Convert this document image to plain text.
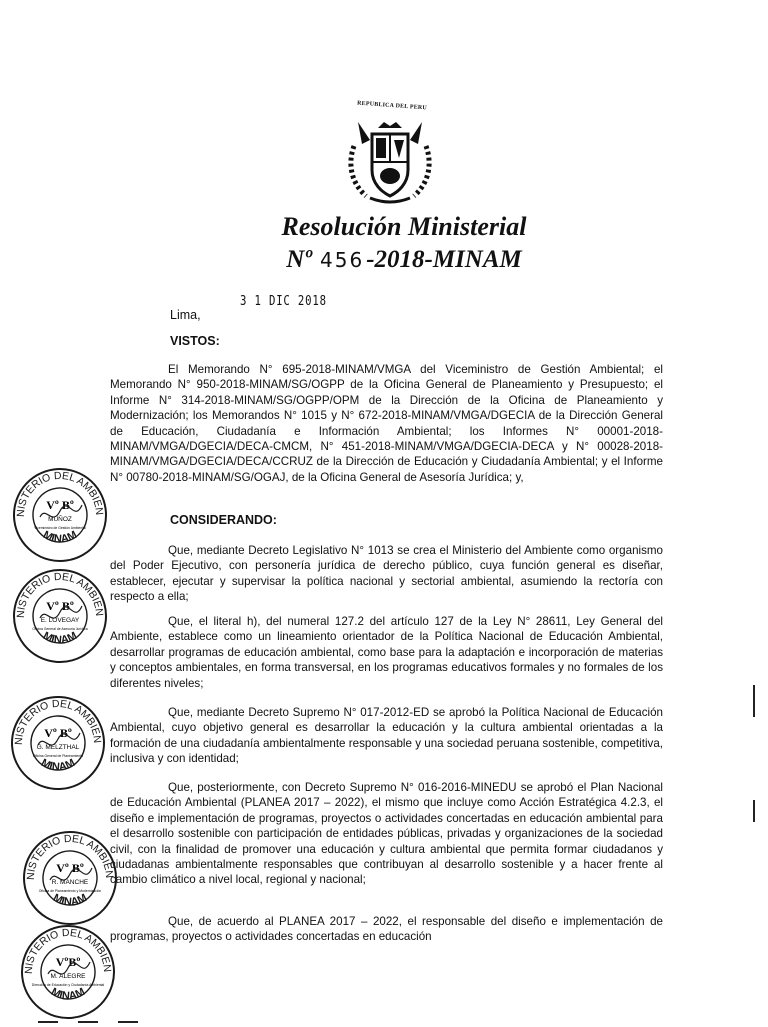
REPUBLICA DEL PERU
Resolución Ministerial
Nº 456-2018-MINAM
Lima,
3 1 DIC 2018
VISTOS:
El Memorando N° 695-2018-MINAM/VMGA del Viceministro de Gestión Ambiental; el Memorando N° 950-2018-MINAM/SG/OGPP de la Oficina General de Planeamiento y Presupuesto; el Informe N° 314-2018-MINAM/SG/OGPP/OPM de la Dirección de la Oficina de Planeamiento y Modernización; los Memorandos N° 1015 y N° 672-2018-MINAM/VMGA/DGECIA de la Dirección General de Educación, Ciudadanía e Información Ambiental; los Informes N° 00001-2018-MINAM/VMGA/DGECIA/DECA-CMCM, N° 451-2018-MINAM/VMGA/DGECIA-DECA y N° 00028-2018-MINAM/VMGA/DGECIA/DECA/CCRUZ de la Dirección de Educación y Ciudadanía Ambiental; y el Informe N° 00780-2018-MINAM/SG/OGAJ, de la Oficina General de Asesoría Jurídica; y,
CONSIDERANDO:
Que, mediante Decreto Legislativo N° 1013 se crea el Ministerio del Ambiente como organismo del Poder Ejecutivo, con personería jurídica de derecho público, cuya función general es diseñar, establecer, ejecutar y supervisar la política nacional y sectorial ambiental, asumiendo la rectoría con respecto a ella;
Que, el literal h), del numeral 127.2 del artículo 127 de la Ley N° 28611, Ley General del Ambiente, establece como un lineamiento orientador de la Política Nacional de Educación Ambiental, desarrollar programas de educación ambiental, como base para la adaptación e incorporación de materias y conceptos ambientales, en forma transversal, en los programas educativos formales y no formales de los diferentes niveles;
Que, mediante Decreto Supremo N° 017-2012-ED se aprobó la Política Nacional de Educación Ambiental, cuyo objetivo general es desarrollar la educación y la cultura ambiental orientadas a la formación de una ciudadanía ambientalmente responsable y una sociedad peruana sostenible, competitiva, inclusiva y con identidad;
Que, posteriormente, con Decreto Supremo N° 016-2016-MINEDU se aprobó el Plan Nacional de Educación Ambiental (PLANEA 2017 – 2022), el mismo que incluye como Acción Estratégica 4.2.3, el diseño e implementación de programas, proyectos o actividades concertadas en educación ambiental para el desarrollo sostenible con participación de entidades públicas, privadas y organizaciones de la sociedad civil, con la finalidad de promover una educación y cultura ambiental que permita formar ciudadanos y ciudadanas ambientalmente responsables que contribuyan al desarrollo sostenible y a hacer frente al cambio climático a nivel local, regional y nacional;
Que, de acuerdo al PLANEA 2017 – 2022, el responsable del diseño e implementación de programas, proyectos o actividades concertadas en educación
NISTERIO DEL AMBIEN
MINAM
Vº Bº
MUÑOZ
Viceministro de Gestión Ambiental
NISTERIO DEL AMBIEN
MINAM
Vº Bº
E. LOVEGAY
Oficina General de Asesoría Jurídica
NISTERIO DEL AMBIEN
MINAM
Vº Bº
G. MELZTHAL
Oficina General de Planeamiento
NISTERIO DEL AMBIEN
MINAM
Vº Bº
R. MANCHE
Oficina de Planeamiento y Modernización
NISTERIO DEL AMBIEN
MINAM
VºBº
M. ALEGRE
Dirección de Educación y Ciudadanía Ambiental
